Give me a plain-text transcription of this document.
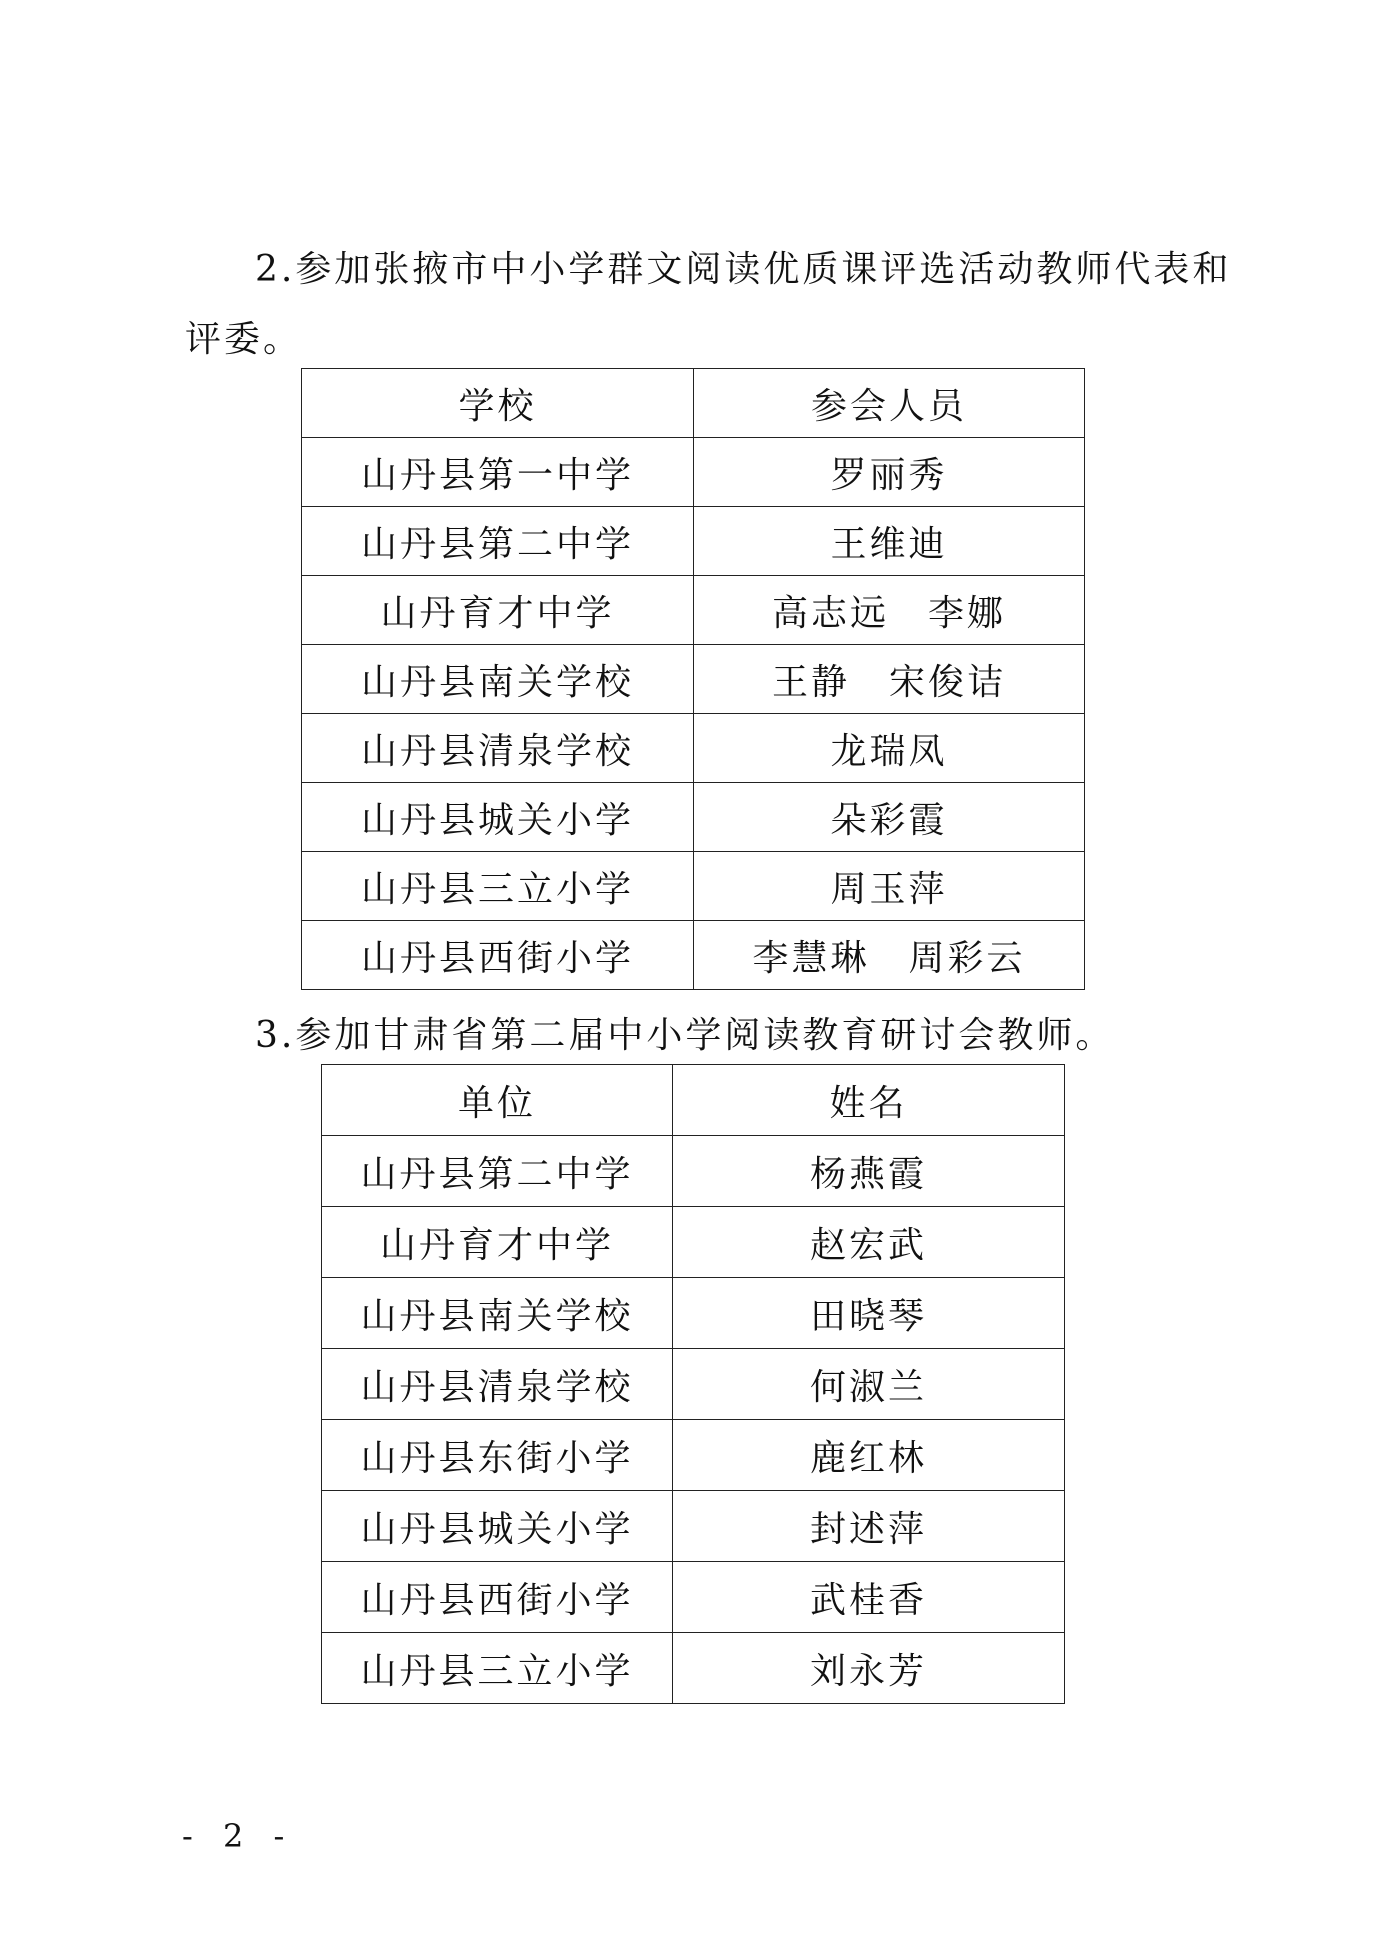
2.参加张掖市中小学群文阅读优质课评选活动教师代表和

评委。

学校	参会人员
山丹县第一中学	罗丽秀
山丹县第二中学	王维迪
山丹育才中学	高志远　李娜
山丹县南关学校	王静　宋俊诘
山丹县清泉学校	龙瑞凤
山丹县城关小学	朵彩霞
山丹县三立小学	周玉萍
山丹县西街小学	李慧琳　周彩云

3.参加甘肃省第二届中小学阅读教育研讨会教师。

单位	姓名
山丹县第二中学	杨燕霞
山丹育才中学	赵宏武
山丹县南关学校	田晓琴
山丹县清泉学校	何淑兰
山丹县东街小学	鹿红林
山丹县城关小学	封述萍
山丹县西街小学	武桂香
山丹县三立小学	刘永芳
- 2 -
